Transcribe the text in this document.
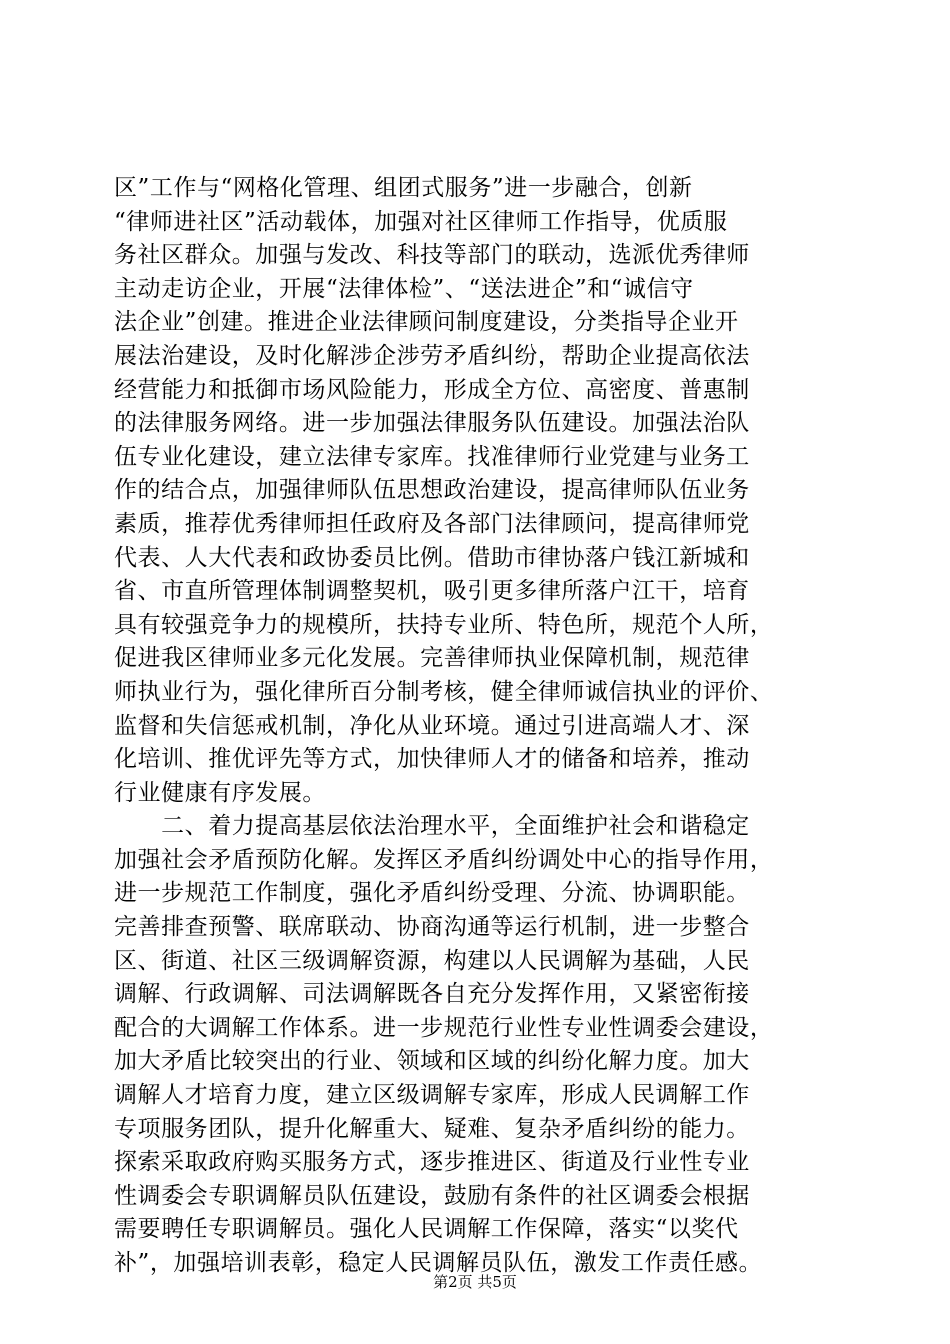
区”工作与“网格化管理、组团式服务”进一步融合，创新
“律师进社区”活动载体，加强对社区律师工作指导，优质服
务社区群众。加强与发改、科技等部门的联动，选派优秀律师
主动走访企业，开展“法律体检”、“送法进企”和“诚信守
法企业”创建。推进企业法律顾问制度建设，分类指导企业开
展法治建设，及时化解涉企涉劳矛盾纠纷，帮助企业提高依法
经营能力和抵御市场风险能力，形成全方位、高密度、普惠制
的法律服务网络。进一步加强法律服务队伍建设。加强法治队
伍专业化建设，建立法律专家库。找准律师行业党建与业务工
作的结合点，加强律师队伍思想政治建设，提高律师队伍业务
素质，推荐优秀律师担任政府及各部门法律顾问，提高律师党
代表、人大代表和政协委员比例。借助市律协落户钱江新城和
省、市直所管理体制调整契机，吸引更多律所落户江干，培育
具有较强竞争力的规模所，扶持专业所、特色所，规范个人所，
促进我区律师业多元化发展。完善律师执业保障机制，规范律
师执业行为，强化律所百分制考核，健全律师诚信执业的评价、
监督和失信惩戒机制，净化从业环境。通过引进高端人才、深
化培训、推优评先等方式，加快律师人才的储备和培养，推动
行业健康有序发展。
　　二、着力提高基层依法治理水平，全面维护社会和谐稳定
加强社会矛盾预防化解。发挥区矛盾纠纷调处中心的指导作用，
进一步规范工作制度，强化矛盾纠纷受理、分流、协调职能。
完善排查预警、联席联动、协商沟通等运行机制，进一步整合
区、街道、社区三级调解资源，构建以人民调解为基础，人民
调解、行政调解、司法调解既各自充分发挥作用，又紧密衔接
配合的大调解工作体系。进一步规范行业性专业性调委会建设，
加大矛盾比较突出的行业、领域和区域的纠纷化解力度。加大
调解人才培育力度，建立区级调解专家库，形成人民调解工作
专项服务团队，提升化解重大、疑难、复杂矛盾纠纷的能力。
探索采取政府购买服务方式，逐步推进区、街道及行业性专业
性调委会专职调解员队伍建设，鼓励有条件的社区调委会根据
需要聘任专职调解员。强化人民调解工作保障，落实“以奖代
补”，加强培训表彰，稳定人民调解员队伍，激发工作责任感。
第2页 共5页
